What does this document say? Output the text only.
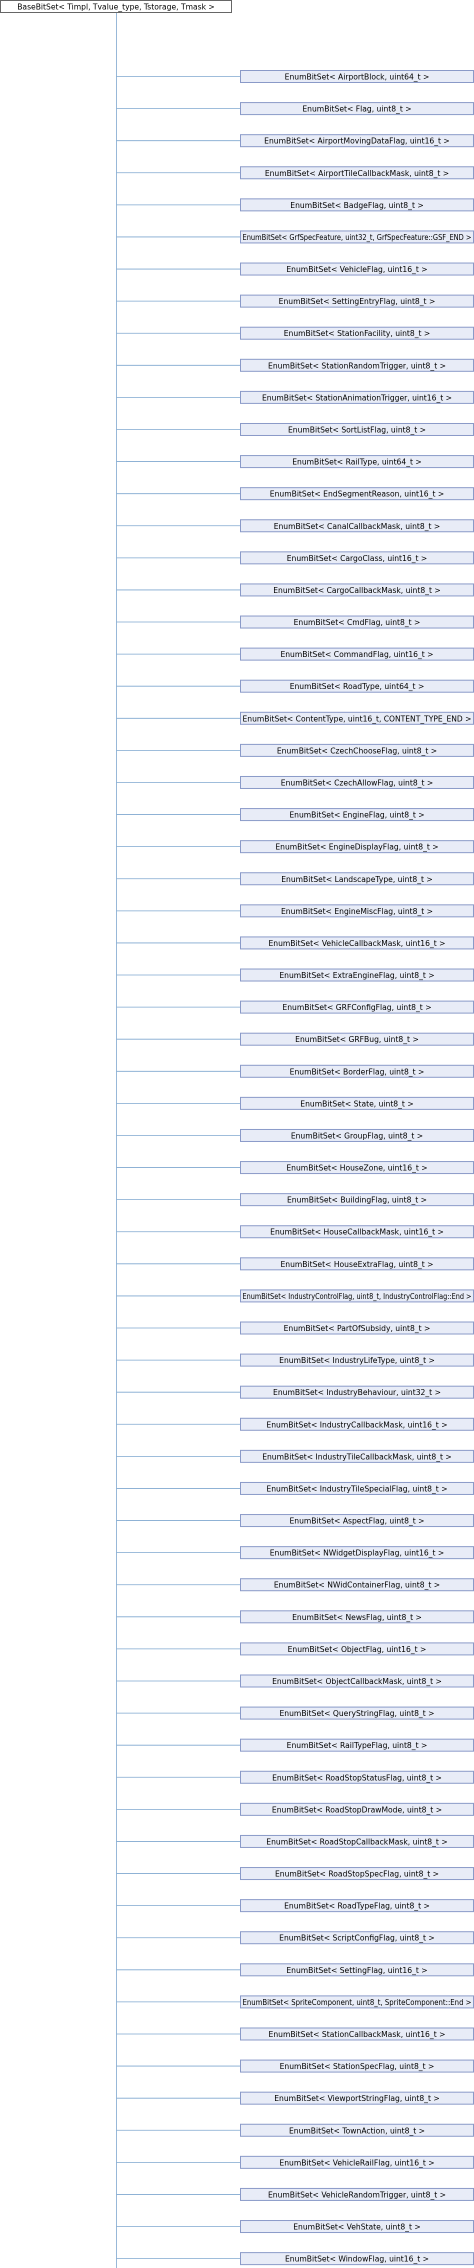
BaseBitSet< Timpl, Tvalue_type, Tstorage, Tmask >
EnumBitSet< AirportBlock, uint64_t >
EnumBitSet< Flag, uint8_t >
EnumBitSet< AirportMovingDataFlag, uint16_t >
EnumBitSet< AirportTileCallbackMask, uint8_t >
EnumBitSet< BadgeFlag, uint8_t >
EnumBitSet< GrfSpecFeature, uint32_t, GrfSpecFeature::GSF_END >
EnumBitSet< VehicleFlag, uint16_t >
EnumBitSet< SettingEntryFlag, uint8_t >
EnumBitSet< StationFacility, uint8_t >
EnumBitSet< StationRandomTrigger, uint8_t >
EnumBitSet< StationAnimationTrigger, uint16_t >
EnumBitSet< SortListFlag, uint8_t >
EnumBitSet< RailType, uint64_t >
EnumBitSet< EndSegmentReason, uint16_t >
EnumBitSet< CanalCallbackMask, uint8_t >
EnumBitSet< CargoClass, uint16_t >
EnumBitSet< CargoCallbackMask, uint8_t >
EnumBitSet< CmdFlag, uint8_t >
EnumBitSet< CommandFlag, uint16_t >
EnumBitSet< RoadType, uint64_t >
EnumBitSet< ContentType, uint16_t, CONTENT_TYPE_END >
EnumBitSet< CzechChooseFlag, uint8_t >
EnumBitSet< CzechAllowFlag, uint8_t >
EnumBitSet< EngineFlag, uint8_t >
EnumBitSet< EngineDisplayFlag, uint8_t >
EnumBitSet< LandscapeType, uint8_t >
EnumBitSet< EngineMiscFlag, uint8_t >
EnumBitSet< VehicleCallbackMask, uint16_t >
EnumBitSet< ExtraEngineFlag, uint8_t >
EnumBitSet< GRFConfigFlag, uint8_t >
EnumBitSet< GRFBug, uint8_t >
EnumBitSet< BorderFlag, uint8_t >
EnumBitSet< State, uint8_t >
EnumBitSet< GroupFlag, uint8_t >
EnumBitSet< HouseZone, uint16_t >
EnumBitSet< BuildingFlag, uint8_t >
EnumBitSet< HouseCallbackMask, uint16_t >
EnumBitSet< HouseExtraFlag, uint8_t >
EnumBitSet< IndustryControlFlag, uint8_t, IndustryControlFlag::End >
EnumBitSet< PartOfSubsidy, uint8_t >
EnumBitSet< IndustryLifeType, uint8_t >
EnumBitSet< IndustryBehaviour, uint32_t >
EnumBitSet< IndustryCallbackMask, uint16_t >
EnumBitSet< IndustryTileCallbackMask, uint8_t >
EnumBitSet< IndustryTileSpecialFlag, uint8_t >
EnumBitSet< AspectFlag, uint8_t >
EnumBitSet< NWidgetDisplayFlag, uint16_t >
EnumBitSet< NWidContainerFlag, uint8_t >
EnumBitSet< NewsFlag, uint8_t >
EnumBitSet< ObjectFlag, uint16_t >
EnumBitSet< ObjectCallbackMask, uint8_t >
EnumBitSet< QueryStringFlag, uint8_t >
EnumBitSet< RailTypeFlag, uint8_t >
EnumBitSet< RoadStopStatusFlag, uint8_t >
EnumBitSet< RoadStopDrawMode, uint8_t >
EnumBitSet< RoadStopCallbackMask, uint8_t >
EnumBitSet< RoadStopSpecFlag, uint8_t >
EnumBitSet< RoadTypeFlag, uint8_t >
EnumBitSet< ScriptConfigFlag, uint8_t >
EnumBitSet< SettingFlag, uint16_t >
EnumBitSet< SpriteComponent, uint8_t, SpriteComponent::End >
EnumBitSet< StationCallbackMask, uint16_t >
EnumBitSet< StationSpecFlag, uint8_t >
EnumBitSet< ViewportStringFlag, uint8_t >
EnumBitSet< TownAction, uint8_t >
EnumBitSet< VehicleRailFlag, uint16_t >
EnumBitSet< VehicleRandomTrigger, uint8_t >
EnumBitSet< VehState, uint8_t >
EnumBitSet< WindowFlag, uint16_t >
